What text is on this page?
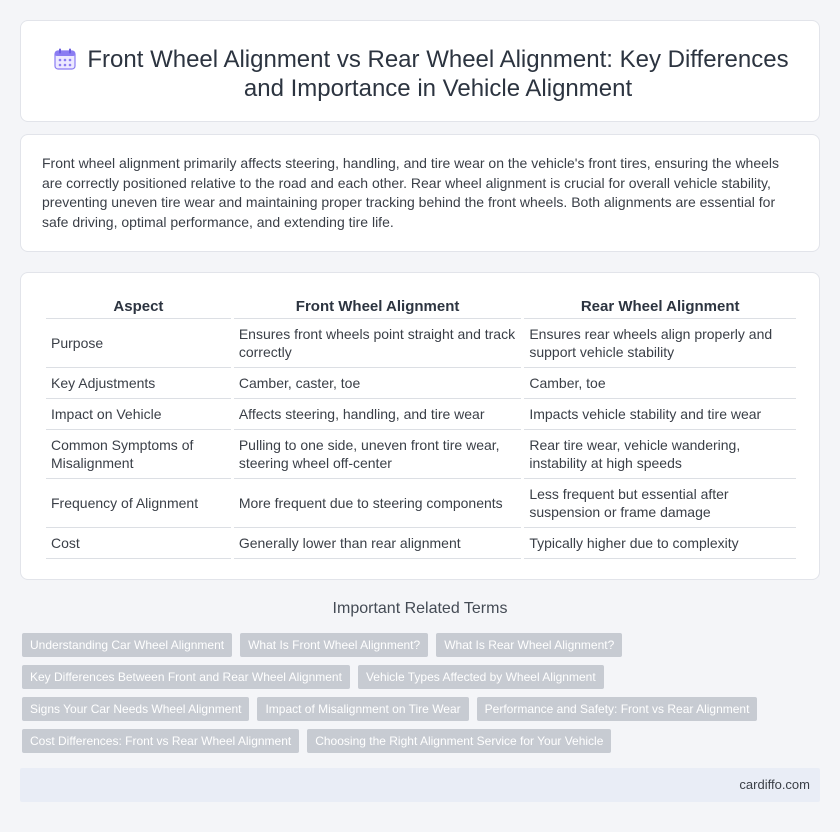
Front Wheel Alignment vs Rear Wheel Alignment: Key Differences and Importance in Vehicle Alignment

Front wheel alignment primarily affects steering, handling, and tire wear on the vehicle's front tires, ensuring the wheels are correctly positioned relative to the road and each other. Rear wheel alignment is crucial for overall vehicle stability, preventing uneven tire wear and maintaining proper tracking behind the front wheels. Both alignments are essential for safe driving, optimal performance, and extending tire life.

Aspect	Front Wheel Alignment	Rear Wheel Alignment
Purpose	Ensures front wheels point straight and track correctly	Ensures rear wheels align properly and support vehicle stability
Key Adjustments	Camber, caster, toe	Camber, toe
Impact on Vehicle	Affects steering, handling, and tire wear	Impacts vehicle stability and tire wear
Common Symptoms of Misalignment	Pulling to one side, uneven front tire wear, steering wheel off-center	Rear tire wear, vehicle wandering, instability at high speeds
Frequency of Alignment	More frequent due to steering components	Less frequent but essential after suspension or frame damage
Cost	Generally lower than rear alignment	Typically higher due to complexity
Important Related Terms
Understanding Car Wheel Alignment	What Is Front Wheel Alignment?	What Is Rear Wheel Alignment?
Key Differences Between Front and Rear Wheel Alignment	Vehicle Types Affected by Wheel Alignment
Signs Your Car Needs Wheel Alignment	Impact of Misalignment on Tire Wear	Performance and Safety: Front vs Rear Alignment
Cost Differences: Front vs Rear Wheel Alignment	Choosing the Right Alignment Service for Your Vehicle
cardiffo.com
